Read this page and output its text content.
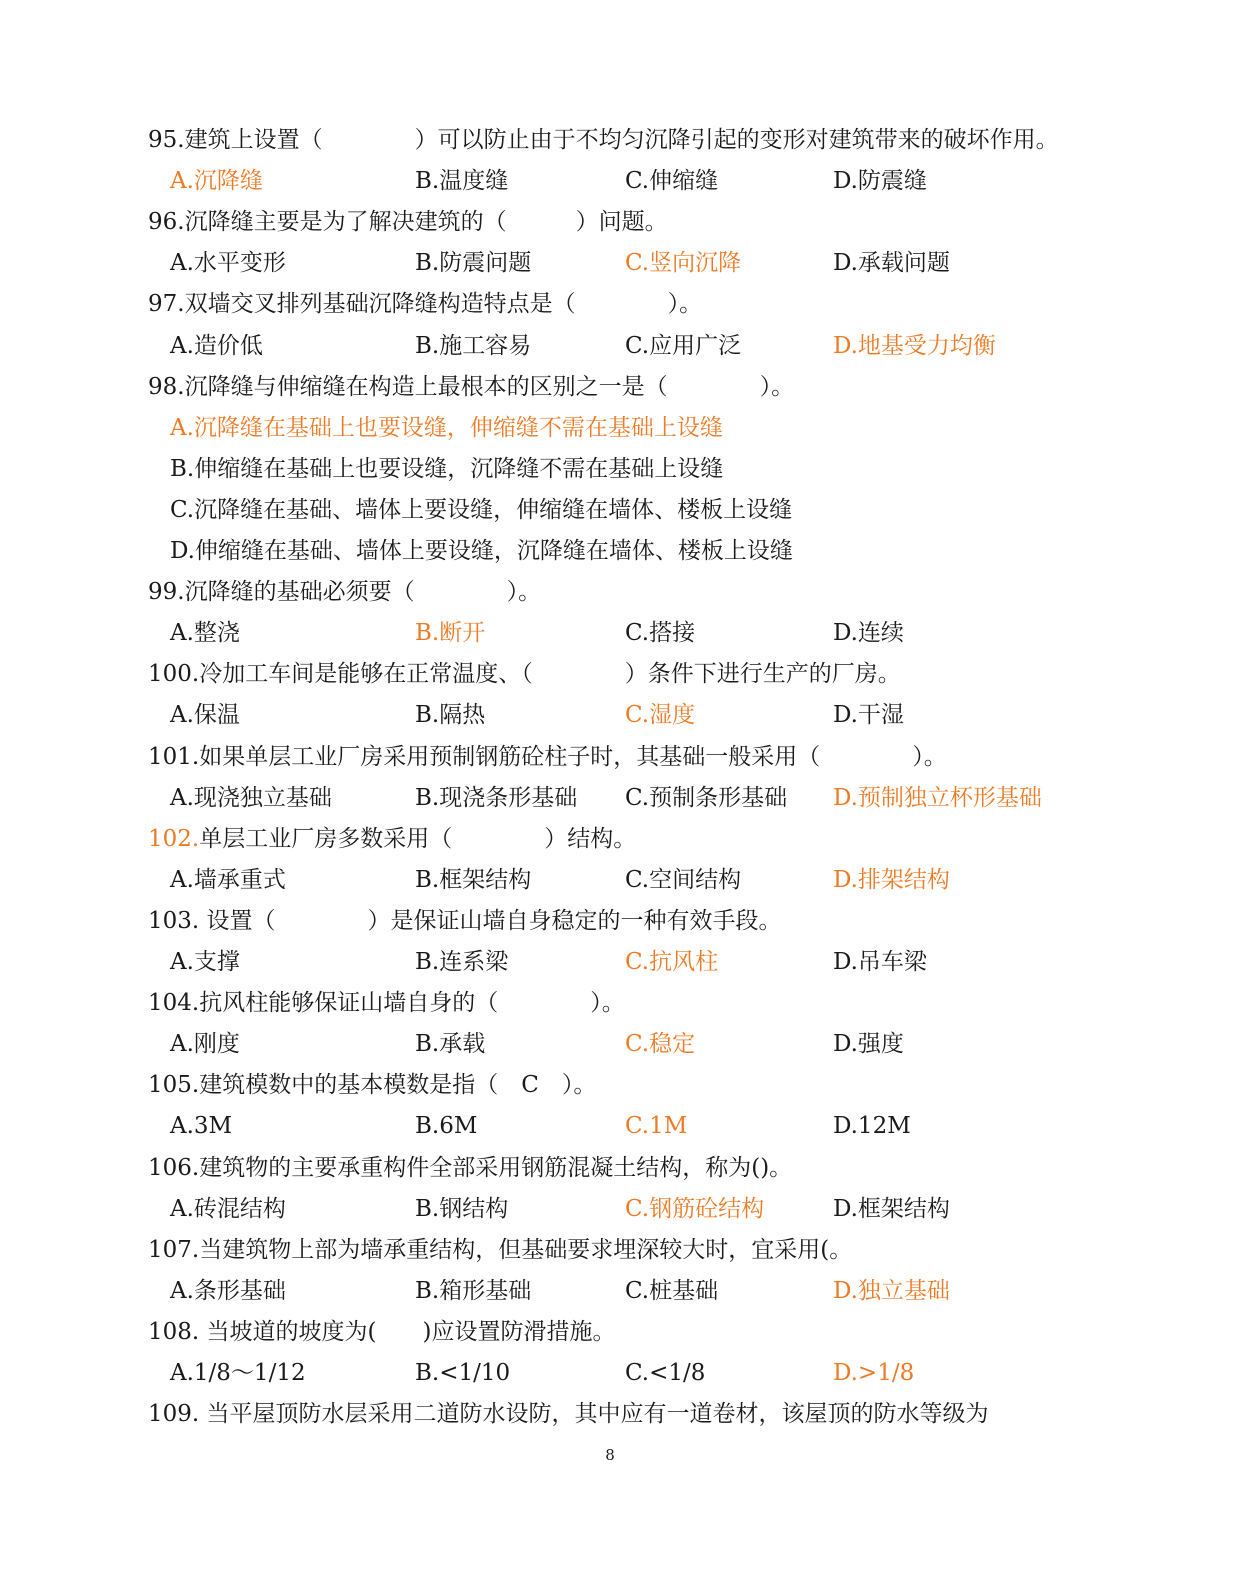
95.建筑上设置（　　　　）可以防止由于不均匀沉降引起的变形对建筑带来的破坏作用。
A.沉降缝	B.温度缝	C.伸缩缝	D.防震缝
96.沉降缝主要是为了解决建筑的（　　　）问题。
A.水平变形	B.防震问题	C.竖向沉降	D.承载问题
97.双墙交叉排列基础沉降缝构造特点是（　　　　）。
A.造价低	B.施工容易	C.应用广泛	D.地基受力均衡
98.沉降缝与伸缩缝在构造上最根本的区别之一是（　　　　）。
A.沉降缝在基础上也要设缝，伸缩缝不需在基础上设缝
B.伸缩缝在基础上也要设缝，沉降缝不需在基础上设缝
C.沉降缝在基础、墙体上要设缝，伸缩缝在墙体、楼板上设缝
D.伸缩缝在基础、墙体上要设缝，沉降缝在墙体、楼板上设缝
99.沉降缝的基础必须要（　　　　）。
A.整浇	B.断开	C.搭接	D.连续
100.冷加工车间是能够在正常温度、（　　　　）条件下进行生产的厂房。
A.保温	B.隔热	C.湿度	D.干湿
101.如果单层工业厂房采用预制钢筋砼柱子时，其基础一般采用（　　　　）。
A.现浇独立基础	B.现浇条形基础 C.预制条形基础 D.预制独立杯形基础
102.单层工业厂房多数采用（　　　　）结构。
A.墙承重式	B.框架结构	C.空间结构	D.排架结构
103. 设置（　　　　）是保证山墙自身稳定的一种有效手段。
A.支撑	B.连系梁	C.抗风柱	D.吊车梁
104.抗风柱能够保证山墙自身的（　　　　）。
A.刚度	B.承载	C.稳定	D.强度
105.建筑模数中的基本模数是指（　C　）。
A.3M	B.6M	C.1M	D.12M
106.建筑物的主要承重构件全部采用钢筋混凝土结构，称为()。
A.砖混结构	B.钢结构	C.钢筋砼结构	D.框架结构
107.当建筑物上部为墙承重结构，但基础要求埋深较大时，宜采用(。
A.条形基础	B.箱形基础	C.桩基础	D.独立基础
108. 当坡道的坡度为(　　)应设置防滑措施。
A.1/8～1/12	B.<1/10	C.<1/8	D.>1/8
109. 当平屋顶防水层采用二道防水设防，其中应有一道卷材，该屋顶的防水等级为
8
